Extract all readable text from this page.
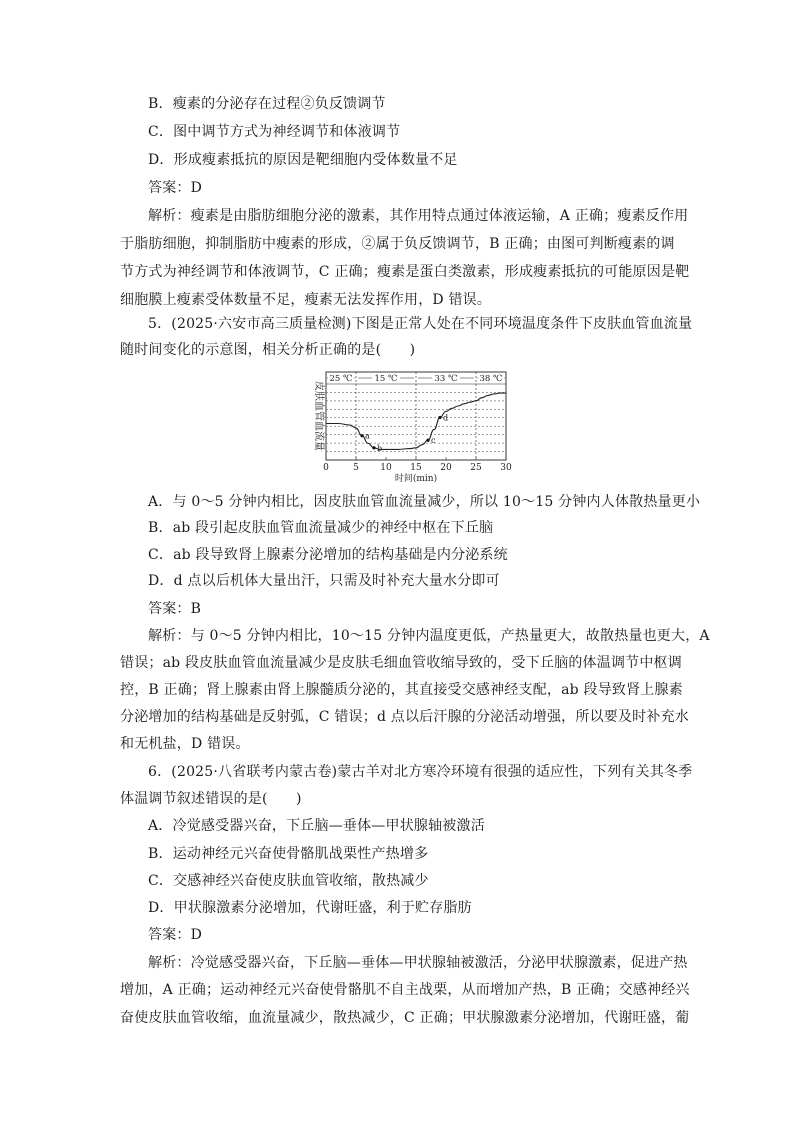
B．瘦素的分泌存在过程②负反馈调节
C．图中调节方式为神经调节和体液调节
D．形成瘦素抵抗的原因是靶细胞内受体数量不足
答案：D
解析：瘦素是由脂肪细胞分泌的激素，其作用特点通过体液运输，A 正确；瘦素反作用
于脂肪细胞，抑制脂肪中瘦素的形成，②属于负反馈调节，B 正确；由图可判断瘦素的调
节方式为神经调节和体液调节，C 正确；瘦素是蛋白类激素，形成瘦素抵抗的可能原因是靶
细胞膜上瘦素受体数量不足，瘦素无法发挥作用，D 错误。
5．(2025·六安市高三质量检测)下图是正常人处在不同环境温度条件下皮肤血管血流量
随时间变化的示意图，相关分析正确的是(　　)
25 ℃	15 ℃	33 ℃	38 ℃
a
b
c
d
0	5 10 15 20 25 30
皮肤血管血流量
时间(min)
A．与 0～5 分钟内相比，因皮肤血管血流量减少，所以 10～15 分钟内人体散热量更小
B．ab 段引起皮肤血管血流量减少的神经中枢在下丘脑
C．ab 段导致肾上腺素分泌增加的结构基础是内分泌系统
D．d 点以后机体大量出汗，只需及时补充大量水分即可
答案：B
解析：与 0～5 分钟内相比，10～15 分钟内温度更低，产热量更大，故散热量也更大，A
错误；ab 段皮肤血管血流量减少是皮肤毛细血管收缩导致的，受下丘脑的体温调节中枢调
控，B 正确；肾上腺素由肾上腺髓质分泌的，其直接受交感神经支配，ab 段导致肾上腺素
分泌增加的结构基础是反射弧，C 错误；d 点以后汗腺的分泌活动增强，所以要及时补充水
和无机盐，D 错误。
6．(2025·八省联考内蒙古卷)蒙古羊对北方寒冷环境有很强的适应性，下列有关其冬季
体温调节叙述错误的是(　　)
A．冷觉感受器兴奋，下丘脑—垂体—甲状腺轴被激活
B．运动神经元兴奋使骨骼肌战栗性产热增多
C．交感神经兴奋使皮肤血管收缩，散热减少
D．甲状腺激素分泌增加，代谢旺盛，利于贮存脂肪
答案：D
解析：冷觉感受器兴奋，下丘脑—垂体—甲状腺轴被激活，分泌甲状腺激素，促进产热
增加，A 正确；运动神经元兴奋使骨骼肌不自主战栗，从而增加产热，B 正确；交感神经兴
奋使皮肤血管收缩，血流量减少，散热减少，C 正确；甲状腺激素分泌增加，代谢旺盛，葡
